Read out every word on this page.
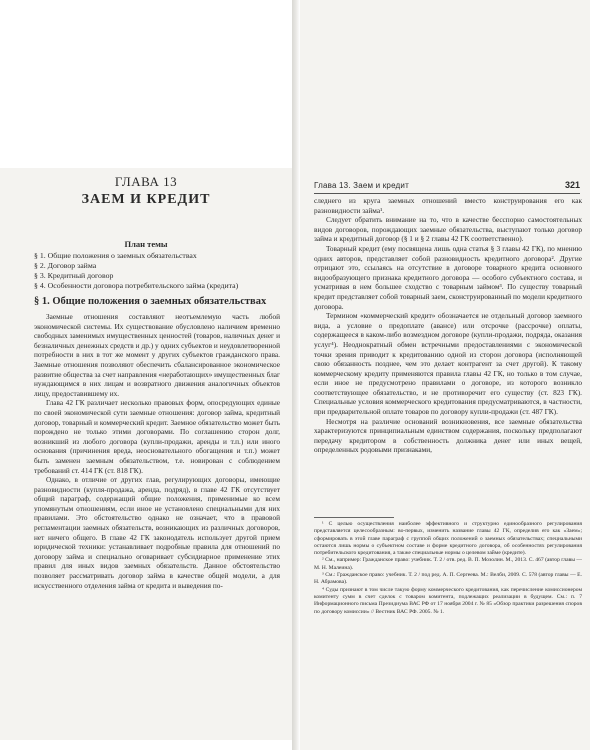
ГЛАВА 13
ЗАЕМ И КРЕДИТ
План темы
§ 1. Общие положения о заемных обязательствах
§ 2. Договор займа
§ 3. Кредитный договор
§ 4. Особенности договора потребительского займа (кредита)
§ 1. Общие положения о заемных обязательствах

Заемные отношения составляют неотъемлемую часть любой экономической системы. Их существование обусловлено наличием временно свободных заменимых имущественных ценностей (товаров, наличных денег и безналичных денежных средств и др.) у одних субъектов и неудовлетворенной потребности в них в тот же момент у других субъектов гражданского права. Заемные отношения позволяют обеспечить сбалансированное экономическое развитие общества за счет направления «неработающих» имущественных благ нуждающимся в них лицам и возвратного движения аналогичных объектов лицу, предоставившему их.

Глава 42 ГК различает несколько правовых форм, опосредующих единые по своей экономической сути заемные отношения: договор займа, кредитный договор, товарный и коммерческий кредит. Заемное обязательство может быть порождено не только этими договорами. По соглашению сторон долг, возникший из любого договора (купли-продажи, аренды и т.п.) или иного основания (причинения вреда, неосновательного обогащения и т.п.) может быть заменен заемным обязательством, т.е. новирован с соблюдением требований ст. 414 ГК (ст. 818 ГК).

Однако, в отличие от других глав, регулирующих договоры, имеющие разновидности (купля-продажа, аренда, подряд), в главе 42 ГК отсутствует общий параграф, содержащий общие положения, применимые ко всем упомянутым отношениям, если иное не установлено специальными для них правилами. Это обстоятельство однако не означает, что в правовой регламентации заемных обязательств, возникающих из различных договоров, нет ничего общего. В главе 42 ГК законодатель использует другой прием юридической техники: устанавливает подробные правила для отношений по договору займа и специально оговаривает субсидиарное применение этих правил для иных видов заемных обязательств. Данное обстоятельство позволяет рассматривать договор займа в качестве общей модели, а для искусственного отделения займа от кредита и выведения по-

Глава 13. Заем и кредит	321

следнего из круга заемных отношений вместо конструирования его как разновидности займа¹.

Следует обратить внимание на то, что в качестве бесспорно самостоятельных видов договоров, порождающих заемные обязательства, выступают только договор займа и кредитный договор (§ 1 и § 2 главы 42 ГК соответственно).

Товарный кредит (ему посвящена лишь одна статья § 3 главы 42 ГК), по мнению одних авторов, представляет собой разновидность кредитного договора². Другие отрицают это, ссылаясь на отсутствие в договоре товарного кредита основного видообразующего признака кредитного договора — особого субъектного состава, и усматривая в нем большее сходство с товарным займом³. По существу товарный кредит представляет собой товарный заем, сконструированный по модели кредитного договора.

Термином «коммерческий кредит» обозначается не отдельный договор заемного вида, а условие о предоплате (авансе) или отсрочке (рассрочке) оплаты, содержащееся в каком-либо возмездном договоре (купли-продажи, подряда, оказания услуг⁴). Неоднократный обмен встречными предоставлениями с экономической точки зрения приводит к кредитованию одной из сторон договора (исполняющей свою обязанность позднее, чем это делает контрагент за счет другой). К такому коммерческому кредиту применяются правила главы 42 ГК, но только в том случае, если иное не предусмотрено правилами о договоре, из которого возникло соответствующее обязательство, и не противоречит его существу (ст. 823 ГК). Специальные условия коммерческого кредитования предусматриваются, в частности, при предварительной оплате товаров по договору купли-продажи (ст. 487 ГК).

Несмотря на различие оснований возникновения, все заемные обязательства характеризуются принципиальным единством содержания, поскольку предполагают передачу кредитором в собственность должника денег или иных вещей, определенных родовыми признаками,

¹ С целью осуществления наиболее эффективного и структурно единообразного регулирования представляется целесообразным: во-первых, изменить название главы 42 ГК, определив его как «Заем»; сформировать в этой главе параграф с группой общих положений о заемных обязательствах; специальными остаются лишь нормы о субъектном составе и форме кредитного договора, об особенностях регулирования потребительского кредитования, а также специальные нормы о целевом займе (кредите).

² См., например: Гражданское право: учебник. Т. 2 / отв. ред. В. П. Мозолин. М., 2013. С. 467 (автор главы — М. Н. Малеина).

³ См.: Гражданское право: учебник. Т. 2 / под ред. А. П. Сергеева. М.: Велби, 2009. С. 578 (автор главы — Е. Н. Абрамова).

⁴ Суды признают в том числе такую форму коммерческого кредитования, как перечисление комиссионером комитенту сумм в счет сделок с товаром комитента, подлежащих реализации в будущем. См.: п. 7 Информационного письма Президиума ВАС РФ от 17 ноября 2004 г. № 85 «Обзор практики разрешения споров по договору комиссии» // Вестник ВАС РФ. 2005. № 1.
